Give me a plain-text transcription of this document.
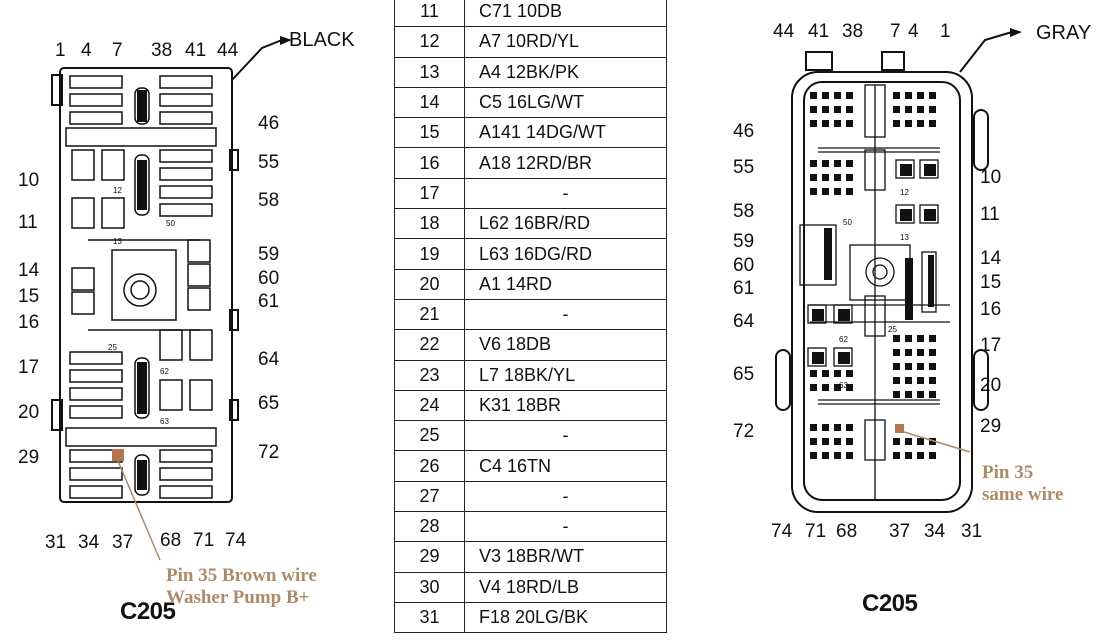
12
13
50
25
62
63
BLACK
1 4 7 38 41 44
31 34 37 68 71 74
10
11
14
15
16
17
20
29
46
55
58
59
60
61
64
65
72
C205
Pin 35 Brown wire
Washer Pump B+
11	C71 10DB
12	A7 10RD/YL
13	A4 12BK/PK
14	C5 16LG/WT
15	A141 14DG/WT
16	A18 12RD/BR
17	-
18	L62 16BR/RD
19	L63 16DG/RD
20	A1 14RD
21	-
22	V6 18DB
23	L7 18BK/YL
24	K31 18BR
25	-
26	C4 16TN
27	-
28	-
29	V3 18BR/WT
30	V4 18RD/LB
31	F18 20LG/BK
12
13
50
25
62
63
GRAY
44 41 38 7 4 1
74 71 68 37 34 31
46
55
58
59
60
61
64
65
72
10
11
14
15
16
17
20
29
C205
Pin 35
same wire
